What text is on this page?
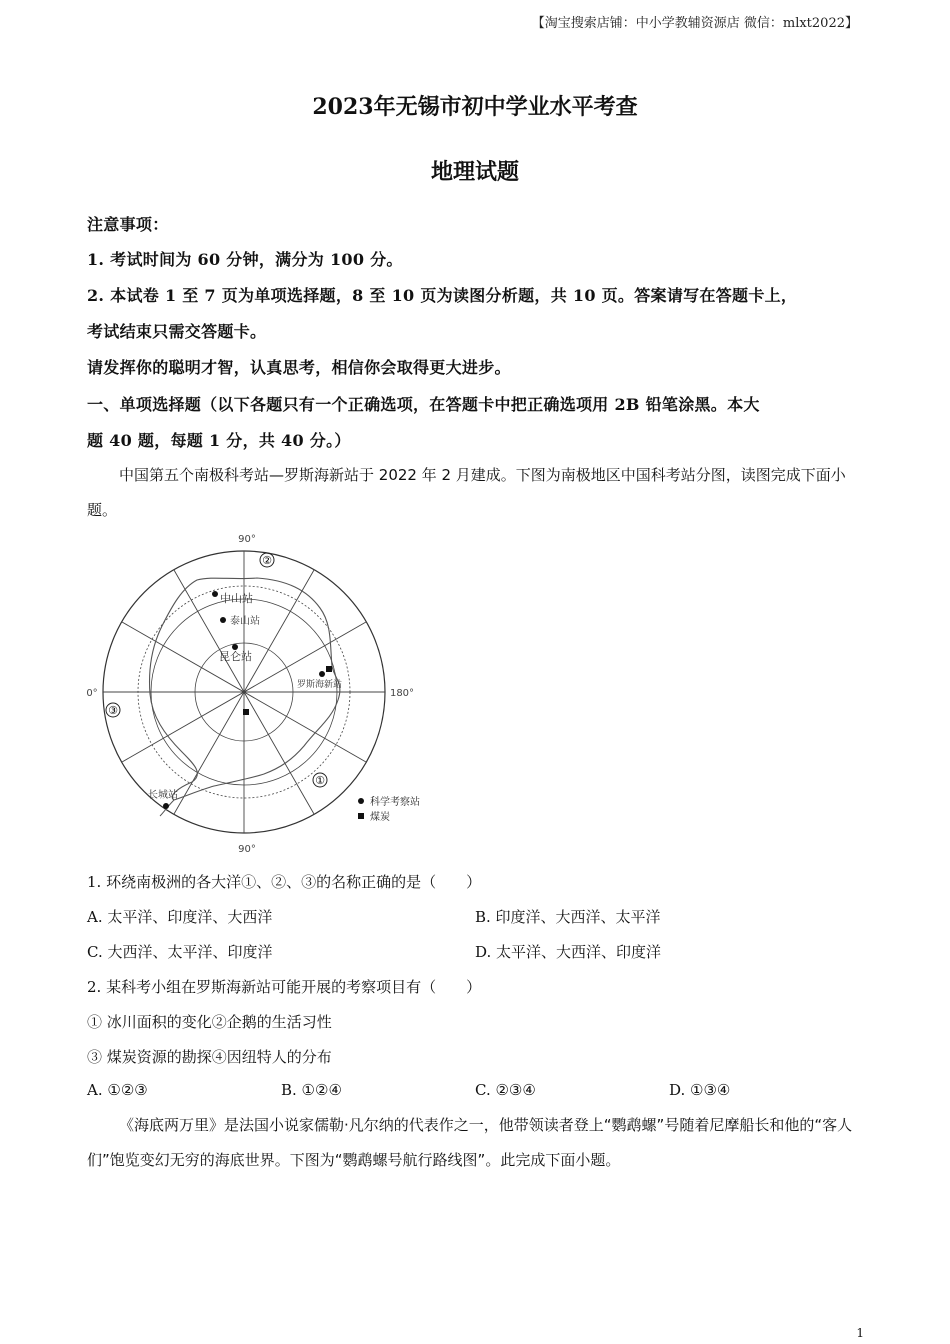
【淘宝搜索店铺：中小学教辅资源店 微信：mlxt2022】
2023年无锡市初中学业水平考查
地理试题
注意事项：
1. 考试时间为 60 分钟，满分为 100 分。
2. 本试卷 1 至 7 页为单项选择题，8 至 10 页为读图分析题，共 10 页。答案请写在答题卡上，
考试结束只需交答题卡。
请发挥你的聪明才智，认真思考，相信你会取得更大进步。
一、单项选择题（以下各题只有一个正确选项，在答题卡中把正确选项用 2B 铅笔涂黑。本大
题 40 题，每题 1 分，共 40 分。）
中国第五个南极科考站—罗斯海新站于 2022 年 2 月建成。下图为南极地区中国科考站分图，读图完成下面小题。
90°
90°
0°	180°
②
③
①
中山站
泰山站
昆仑站
罗斯海新站
长城站
科学考察站
煤炭
1. 环绕南极洲的各大洋①、②、③的名称正确的是（　　）
A. 太平洋、印度洋、大西洋	B. 印度洋、大西洋、太平洋
C. 大西洋、太平洋、印度洋	D. 太平洋、大西洋、印度洋
2. 某科考小组在罗斯海新站可能开展的考察项目有（　　）
① 冰川面积的变化②企鹅的生活习性
③ 煤炭资源的勘探④因纽特人的分布
A. ①②③	B. ①②④	C. ②③④	D. ①③④
《海底两万里》是法国小说家儒勒·凡尔纳的代表作之一，他带领读者登上“鹦鹉螺”号随着尼摩船长和他的“客人们”饱览变幻无穷的海底世界。下图为“鹦鹉螺号航行路线图”。此完成下面小题。
1
